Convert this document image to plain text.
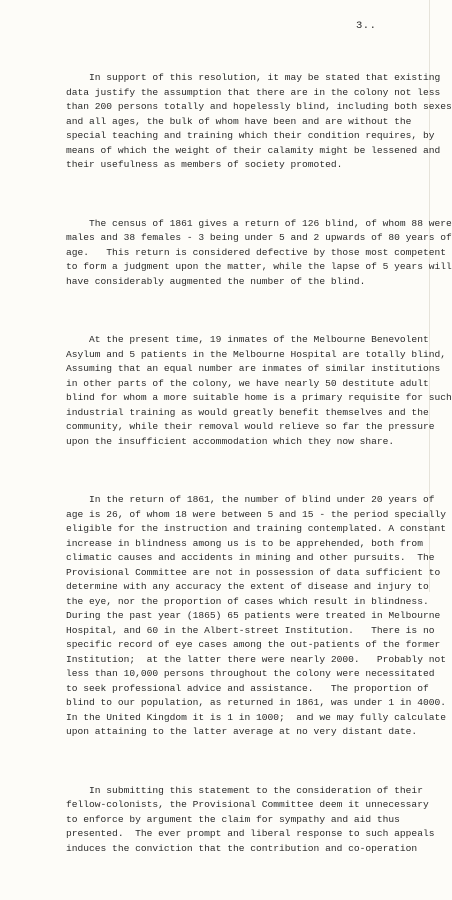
3..

In support of this resolution, it may be stated that existing
data justify the assumption that there are in the colony not less
than 200 persons totally and hopelessly blind, including both sexes
and all ages, the bulk of whom have been and are without the
special teaching and training which their condition requires, by
means of which the weight of their calamity might be lessened and
their usefulness as members of society promoted.

The census of 1861 gives a return of 126 blind, of whom 88 were
males and 38 females - 3 being under 5 and 2 upwards of 80 years of
age.   This return is considered defective by those most competent
to form a judgment upon the matter, while the lapse of 5 years will
have considerably augmented the number of the blind.

At the present time, 19 inmates of the Melbourne Benevolent
Asylum and 5 patients in the Melbourne Hospital are totally blind,
Assuming that an equal number are inmates of similar institutions
in other parts of the colony, we have nearly 50 destitute adult
blind for whom a more suitable home is a primary requisite for such
industrial training as would greatly benefit themselves and the
community, while their removal would relieve so far the pressure
upon the insufficient accommodation which they now share.

In the return of 1861, the number of blind under 20 years of
age is 26, of whom 18 were between 5 and 15 - the period specially
eligible for the instruction and training contemplated. A constant
increase in blindness among us is to be apprehended, both from
climatic causes and accidents in mining and other pursuits.  The
Provisional Committee are not in possession of data sufficient to
determine with any accuracy the extent of disease and injury to
the eye, nor the proportion of cases which result in blindness.
During the past year (1865) 65 patients were treated in Melbourne
Hospital, and 60 in the Albert-street Institution.   There is no
specific record of eye cases among the out-patients of the former
Institution;  at the latter there were nearly 2000.   Probably not
less than 10,000 persons throughout the colony were necessitated
to seek professional advice and assistance.   The proportion of
blind to our population, as returned in 1861, was under 1 in 4000.
In the United Kingdom it is 1 in 1000;  and we may fully calculate
upon attaining to the latter average at no very distant date.

In submitting this statement to the consideration of their
fellow-colonists, the Provisional Committee deem it unnecessary
to enforce by argument the claim for sympathy and aid thus
presented.  The ever prompt and liberal response to such appeals
induces the conviction that the contribution and co-operation
